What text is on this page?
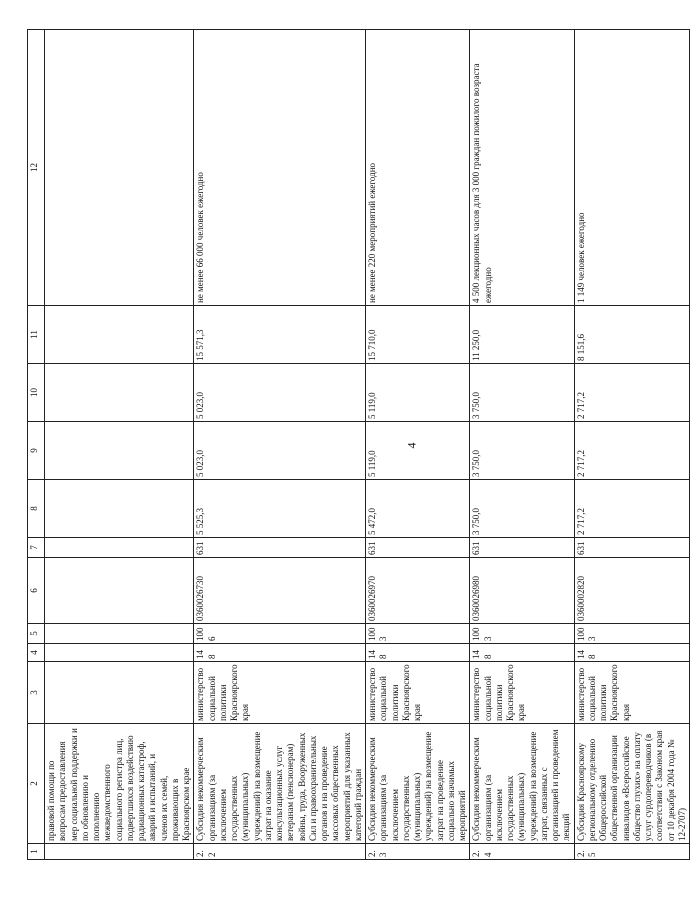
4
1	2	3	4	5	6	7	8	9	10	11	12
	правовой помощи по вопросам предоставления мер социальной поддержки и по обновлению и пополнению межведомственного социального регистра лиц, подвергшихся воздействию радиационных катастроф, аварий и испытаний, и членов их семей, проживающих в Красноярском крае										
2.2	Субсидия некоммерческим организациям (за исключением государственных (муниципальных) учреждений) на возмещение затрат на оказание консультационных услуг ветеранам (пенсионерам) войны, труда, Вооруженных Сил и правоохранительных органов и на проведение массовых общественных мероприятий для указанных категорий граждан	министерство социальной политики Красноярского края	148	1006	0360026730	631	5 525,3	5 023,0	5 023,0	15 571,3	не менее 66 000 человек ежегодно
2.3	Субсидия некоммерческим организациям (за исключением государственных (муниципальных) учреждений) на возмещение затрат на проведение социально значимых мероприятий	министерство социальной политики Красноярского края	148	1003	0360026970	631	5 472,0	5 119,0	5 119,0	15 710,0	не менее 220 мероприятий ежегодно
2.4	Субсидия некоммерческим организациям (за исключением государственных (муниципальных) учреждений) на возмещение затрат, связанных с организацией и проведением лекций	министерство социальной политики Красноярского края	148	1003	0360026980	631	3 750,0	3 750,0	3 750,0	11 250,0	4 500 лекционных часов для 3 000 граждан пожилого возраста ежегодно
2.5	Субсидия Красноярскому региональному отделению Общероссийской общественной организации инвалидов «Всероссийское общество глухих» на оплату услуг сурдопереводчиков (в соответствии с Законом края от 10 декабря 2004 года № 12-2707)	министерство социальной политики Красноярского края	148	1003	0360002820	631	2 717,2	2 717,2	2 717,2	8 151,6	1 149 человек ежегодно
